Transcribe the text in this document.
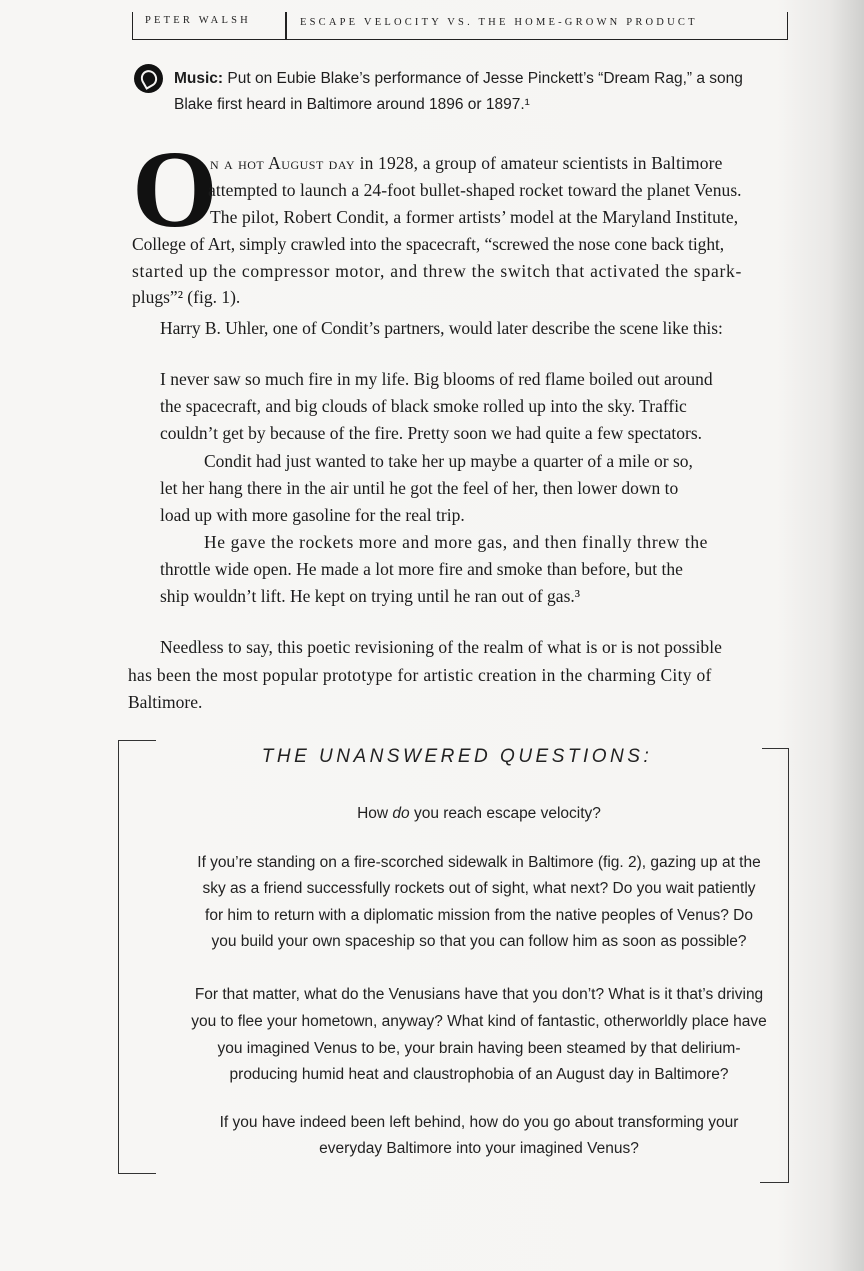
PETER WALSH	ESCAPE VELOCITY VS. THE HOME-GROWN PRODUCT
Music: Put on Eubie Blake’s performance of Jesse Pinckett’s “Dream Rag,” a song
Blake first heard in Baltimore around 1896 or 1897.¹
O
n a hot August day in 1928, a group of amateur scientists in Baltimore
attempted to launch a 24-foot bullet-shaped rocket toward the planet Venus.
The pilot, Robert Condit, a former artists’ model at the Maryland Institute,
College of Art, simply crawled into the spacecraft, “screwed the nose cone back tight,
started up the compressor motor, and threw the switch that activated the spark-
plugs”² (fig. 1).
Harry B. Uhler, one of Condit’s partners, would later describe the scene like this:
I never saw so much fire in my life. Big blooms of red flame boiled out around
the spacecraft, and big clouds of black smoke rolled up into the sky. Traffic
couldn’t get by because of the fire. Pretty soon we had quite a few spectators.
Condit had just wanted to take her up maybe a quarter of a mile or so,
let her hang there in the air until he got the feel of her, then lower down to
load up with more gasoline for the real trip.
He gave the rockets more and more gas, and then finally threw the
throttle wide open. He made a lot more fire and smoke than before, but the
ship wouldn’t lift. He kept on trying until he ran out of gas.³
Needless to say, this poetic revisioning of the realm of what is or is not possible
has been the most popular prototype for artistic creation in the charming City of
Baltimore.
THE UNANSWERED QUESTIONS:
How do you reach escape velocity?
If you’re standing on a fire-scorched sidewalk in Baltimore (fig. 2), gazing up at the
sky as a friend successfully rockets out of sight, what next? Do you wait patiently
for him to return with a diplomatic mission from the native peoples of Venus? Do
you build your own spaceship so that you can follow him as soon as possible?
For that matter, what do the Venusians have that you don’t? What is it that’s driving
you to flee your hometown, anyway? What kind of fantastic, otherworldly place have
you imagined Venus to be, your brain having been steamed by that delirium-
producing humid heat and claustrophobia of an August day in Baltimore?
If you have indeed been left behind, how do you go about transforming your
everyday Baltimore into your imagined Venus?
